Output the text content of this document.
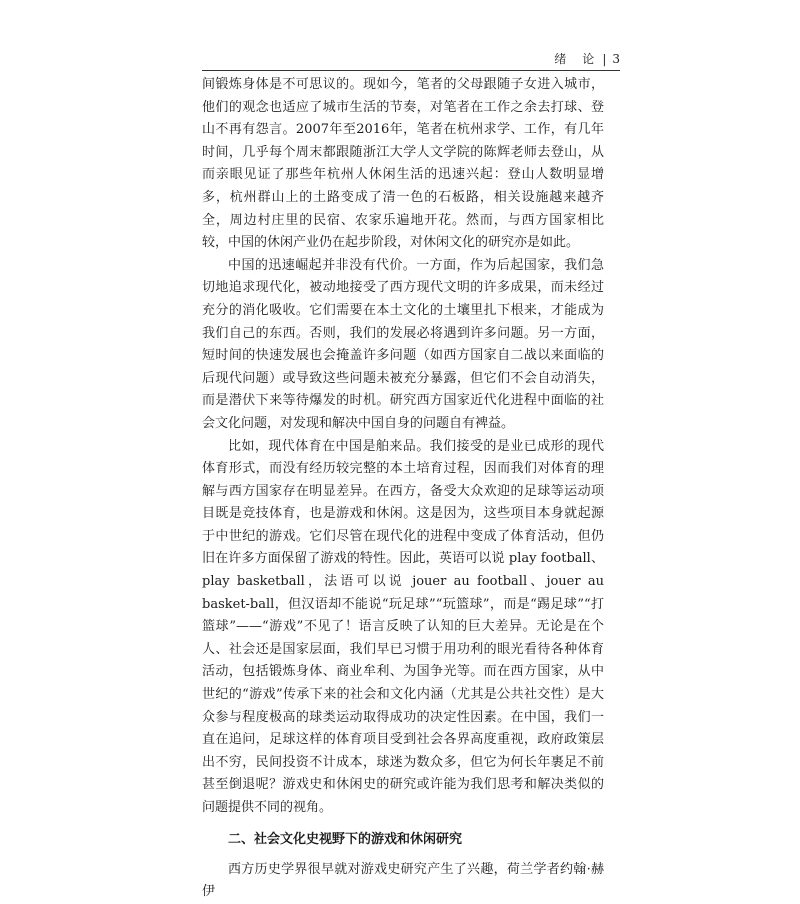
绪　论 | 3

间锻炼身体是不可思议的。现如今，笔者的父母跟随子女进入城市，他们的观念也适应了城市生活的节奏，对笔者在工作之余去打球、登山不再有怨言。2007年至2016年，笔者在杭州求学、工作，有几年时间，几乎每个周末都跟随浙江大学人文学院的陈辉老师去登山，从而亲眼见证了那些年杭州人休闲生活的迅速兴起：登山人数明显增多，杭州群山上的土路变成了清一色的石板路，相关设施越来越齐全，周边村庄里的民宿、农家乐遍地开花。然而，与西方国家相比较，中国的休闲产业仍在起步阶段，对休闲文化的研究亦是如此。

中国的迅速崛起并非没有代价。一方面，作为后起国家，我们急切地追求现代化，被动地接受了西方现代文明的许多成果，而未经过充分的消化吸收。它们需要在本土文化的土壤里扎下根来，才能成为我们自己的东西。否则，我们的发展必将遇到许多问题。另一方面，短时间的快速发展也会掩盖许多问题（如西方国家自二战以来面临的后现代问题）或导致这些问题未被充分暴露，但它们不会自动消失，而是潜伏下来等待爆发的时机。研究西方国家近代化进程中面临的社会文化问题，对发现和解决中国自身的问题自有裨益。

比如，现代体育在中国是舶来品。我们接受的是业已成形的现代体育形式，而没有经历较完整的本土培育过程，因而我们对体育的理解与西方国家存在明显差异。在西方，备受大众欢迎的足球等运动项目既是竞技体育，也是游戏和休闲。这是因为，这些项目本身就起源于中世纪的游戏。它们尽管在现代化的进程中变成了体育活动，但仍旧在许多方面保留了游戏的特性。因此，英语可以说 play football、play basketball，法语可以说 jouer au football、jouer au basket-ball，但汉语却不能说“玩足球”“玩篮球”，而是“踢足球”“打篮球”——“游戏”不见了！语言反映了认知的巨大差异。无论是在个人、社会还是国家层面，我们早已习惯于用功利的眼光看待各种体育活动，包括锻炼身体、商业牟利、为国争光等。而在西方国家，从中世纪的“游戏”传承下来的社会和文化内涵（尤其是公共社交性）是大众参与程度极高的球类运动取得成功的决定性因素。在中国，我们一直在追问，足球这样的体育项目受到社会各界高度重视，政府政策层出不穷，民间投资不计成本，球迷为数众多，但它为何长年裹足不前甚至倒退呢？游戏史和休闲史的研究或许能为我们思考和解决类似的问题提供不同的视角。

二、社会文化史视野下的游戏和休闲研究

西方历史学界很早就对游戏史研究产生了兴趣，荷兰学者约翰·赫伊
